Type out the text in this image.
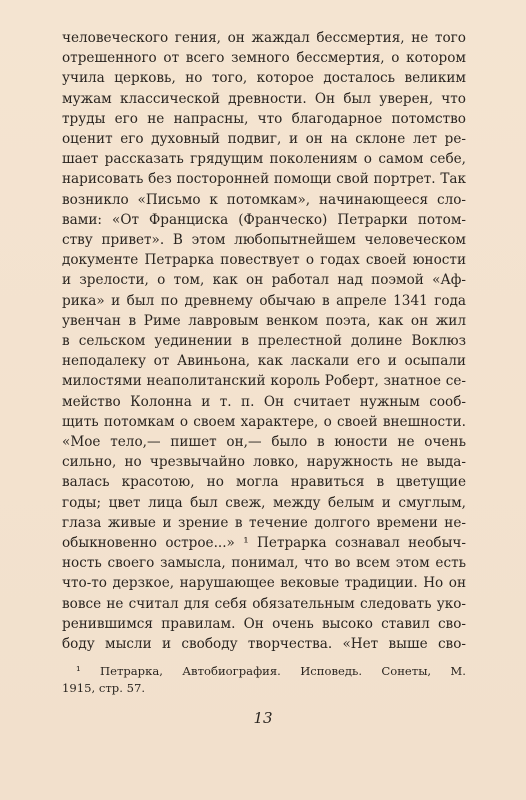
человеческого гения, он жаждал бессмертия, не того
отрешенного от всего земного бессмертия, о котором
учила церковь, но того, которое досталось великим
мужам классической древности. Он был уверен, что
труды его не напрасны, что благодарное потомство
оценит его духовный подвиг, и он на склоне лет ре-
шает рассказать грядущим поколениям о самом себе,
нарисовать без посторонней помощи свой портрет. Так
возникло «Письмо к потомкам», начинающееся сло-
вами: «От Франциска (Франческо) Петрарки потом-
ству привет». В этом любопытнейшем человеческом
документе Петрарка повествует о годах своей юности
и зрелости, о том, как он работал над поэмой «Аф-
рика» и был по древнему обычаю в апреле 1341 года
увенчан в Риме лавровым венком поэта, как он жил
в сельском уединении в прелестной долине Воклюз
неподалеку от Авиньона, как ласкали его и осыпали
милостями неаполитанский король Роберт, знатное се-
мейство Колонна и т. п. Он считает нужным сооб-
щить потомкам о своем характере, о своей внешности.
«Мое тело,— пишет он,— было в юности не очень
сильно, но чрезвычайно ловко, наружность не выда-
валась красотою, но могла нравиться в цветущие
годы; цвет лица был свеж, между белым и смуглым,
глаза живые и зрение в течение долгого времени не-
обыкновенно острое...» ¹ Петрарка сознавал необыч-
ность своего замысла, понимал, что во всем этом есть
что-то дерзкое, нарушающее вековые традиции. Но он
вовсе не считал для себя обязательным следовать уко-
ренившимся правилам. Он очень высоко ставил сво-
боду мысли и свободу творчества. «Нет выше сво-
¹ Петрарка, Автобиография. Исповедь. Сонеты, М.
1915, стр. 57.
13
